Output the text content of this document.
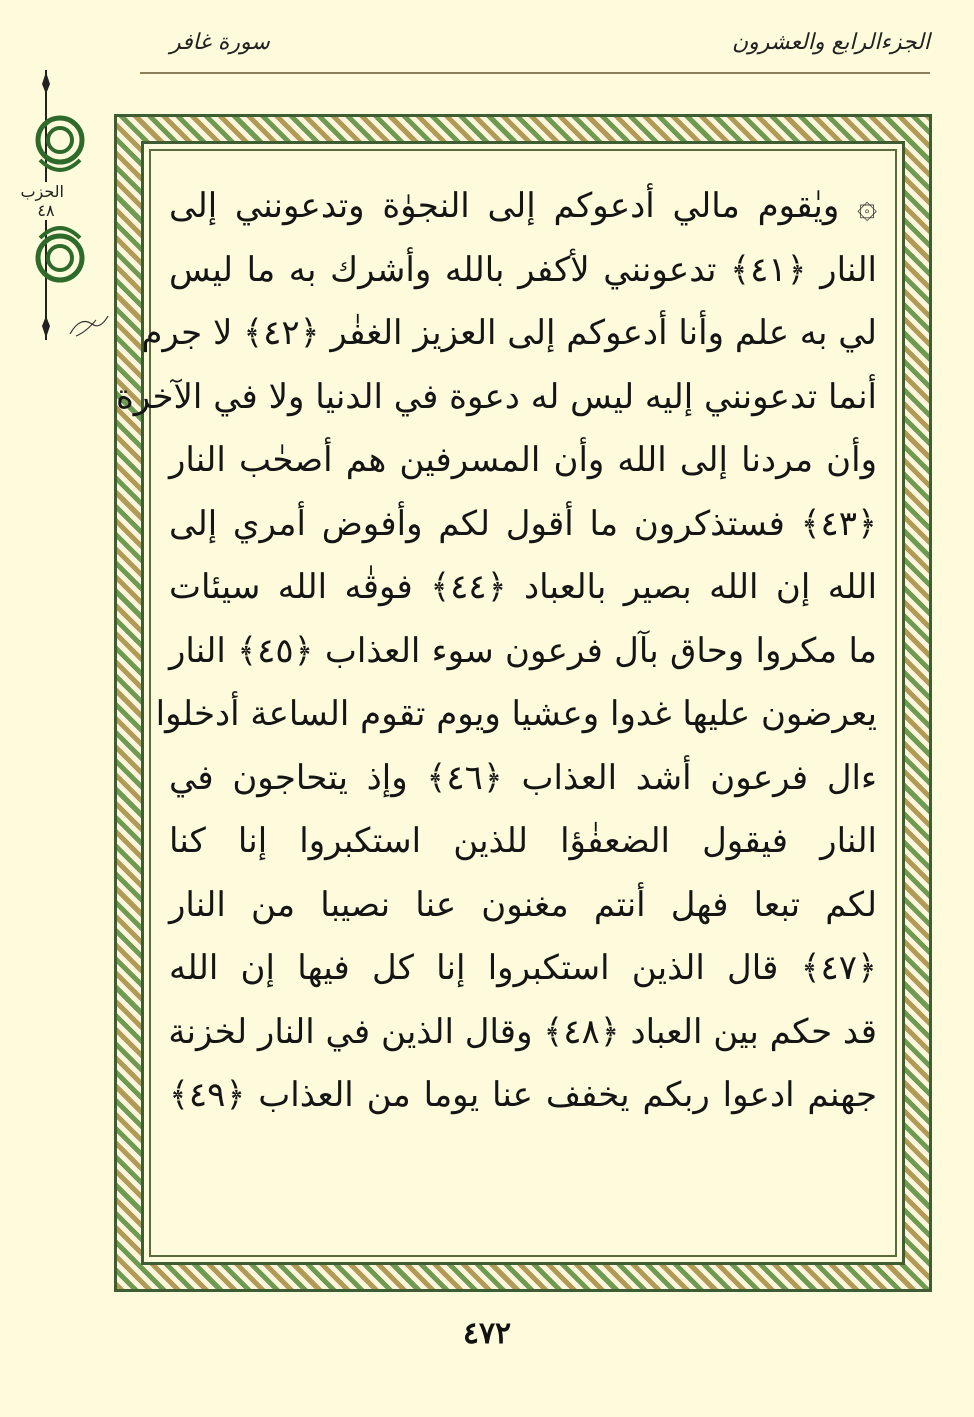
الجزءالرابع والعشرون
سورة غافر
الحزب
٤٨	۞ ويٰقوم مالي أدعوكم إلى النجوٰة وتدعونني إلى
النار ﴿٤١﴾ تدعونني لأكفر بالله وأشرك به ما ليس
لي به علم وأنا أدعوكم إلى العزيز الغفٰر ﴿٤٢﴾ لا جرم
أنما تدعونني إليه ليس له دعوة في الدنيا ولا في الآخرة
وأن مردنا إلى الله وأن المسرفين هم أصحٰب النار
﴿٤٣﴾ فستذكرون ما أقول لكم وأفوض أمري إلى
الله إن الله بصير بالعباد ﴿٤٤﴾ فوقٰه الله سيئات
ما مكروا وحاق بآل فرعون سوء العذاب ﴿٤٥﴾ النار
يعرضون عليها غدوا وعشيا ويوم تقوم الساعة أدخلوا
ءال فرعون أشد العذاب ﴿٤٦﴾ وإذ يتحاجون في
النار فيقول الضعفٰؤا للذين استكبروا إنا كنا
لكم تبعا فهل أنتم مغنون عنا نصيبا من النار
﴿٤٧﴾ قال الذين استكبروا إنا كل فيها إن الله
قد حكم بين العباد ﴿٤٨﴾ وقال الذين في النار لخزنة
جهنم ادعوا ربكم يخفف عنا يوما من العذاب ﴿٤٩﴾
٤٧٢
